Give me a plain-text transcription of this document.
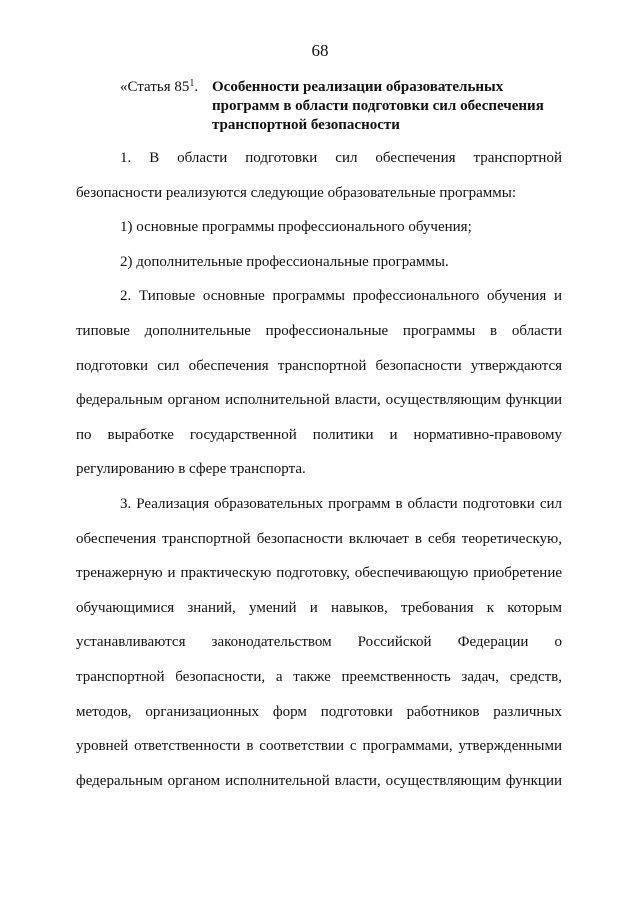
68
«Статья $85^1$. Особенности реализации образовательных программ в области подготовки сил обеспечения транспортной безопасности

1. В области подготовки сил обеспечения транспортной безопасности реализуются следующие образовательные программы:

1) основные программы профессионального обучения;

2) дополнительные профессиональные программы.

2. Типовые основные программы профессионального обучения и типовые дополнительные профессиональные программы в области подготовки сил обеспечения транспортной безопасности утверждаются федеральным органом исполнительной власти, осуществляющим функции по выработке государственной политики и нормативно-правовому регулированию в сфере транспорта.

3. Реализация образовательных программ в области подготовки сил обеспечения транспортной безопасности включает в себя теоретическую, тренажерную и практическую подготовку, обеспечивающую приобретение обучающимися знаний, умений и навыков, требования к которым устанавливаются законодательством Российской Федерации о транспортной безопасности, а также преемственность задач, средств, методов, организационных форм подготовки работников различных уровней ответственности в соответствии с программами, утвержденными федеральным органом исполнительной власти, осуществляющим функции
